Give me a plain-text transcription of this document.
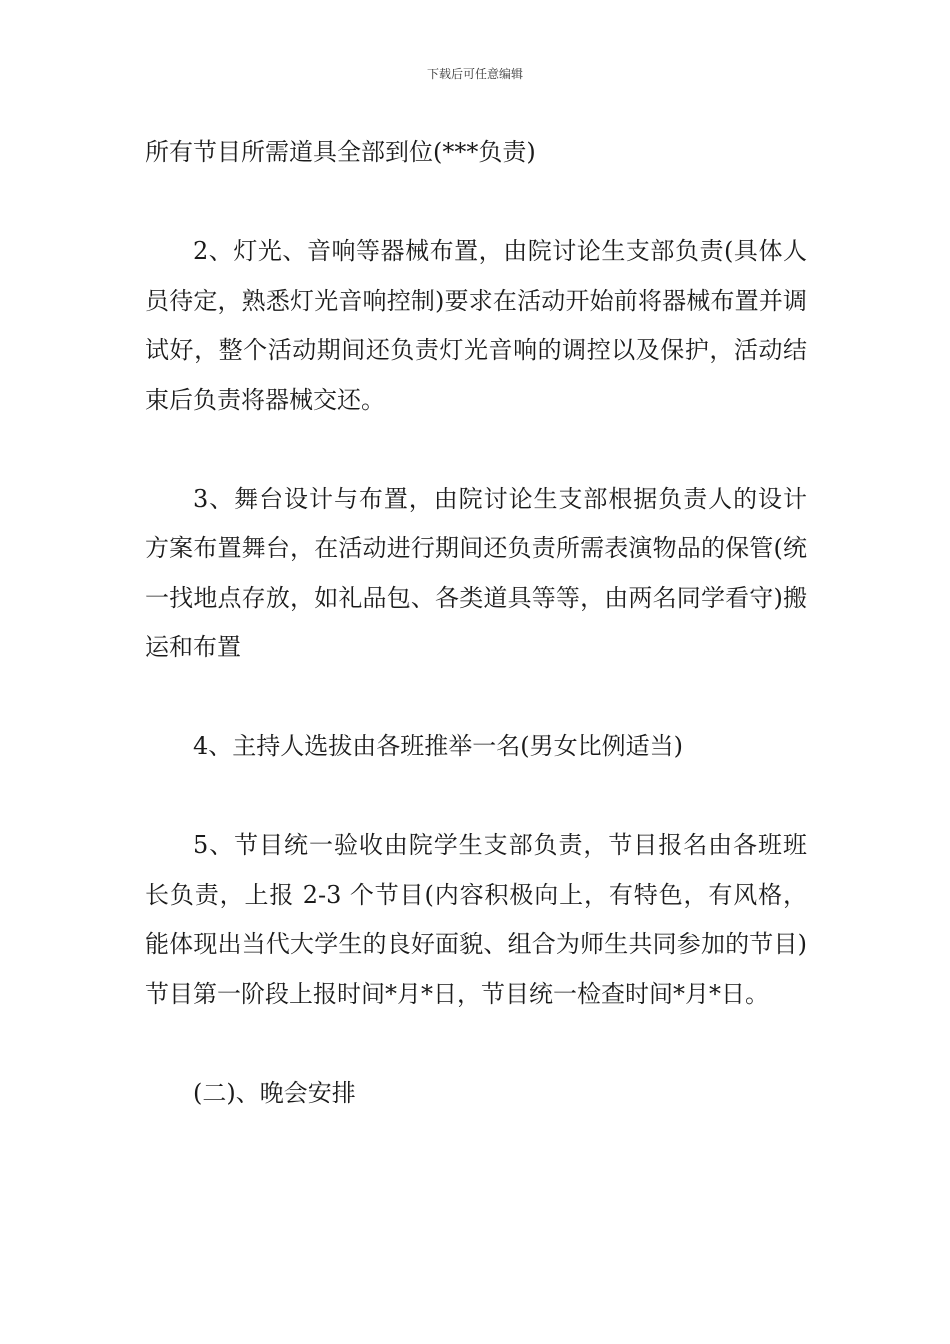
下载后可任意编辑

所有节目所需道具全部到位(***负责)

2、灯光、音响等器械布置，由院讨论生支部负责(具体人员待定，熟悉灯光音响控制)要求在活动开始前将器械布置并调试好，整个活动期间还负责灯光音响的调控以及保护，活动结束后负责将器械交还。

3、舞台设计与布置，由院讨论生支部根据负责人的设计方案布置舞台，在活动进行期间还负责所需表演物品的保管(统一找地点存放，如礼品包、各类道具等等，由两名同学看守)搬运和布置

4、主持人选拔由各班推举一名(男女比例适当)

5、节目统一验收由院学生支部负责，节目报名由各班班长负责，上报 2-3 个节目(内容积极向上，有特色，有风格，能体现出当代大学生的良好面貌、组合为师生共同参加的节目)节目第一阶段上报时间*月*日，节目统一检查时间*月*日。

(二)、晚会安排
